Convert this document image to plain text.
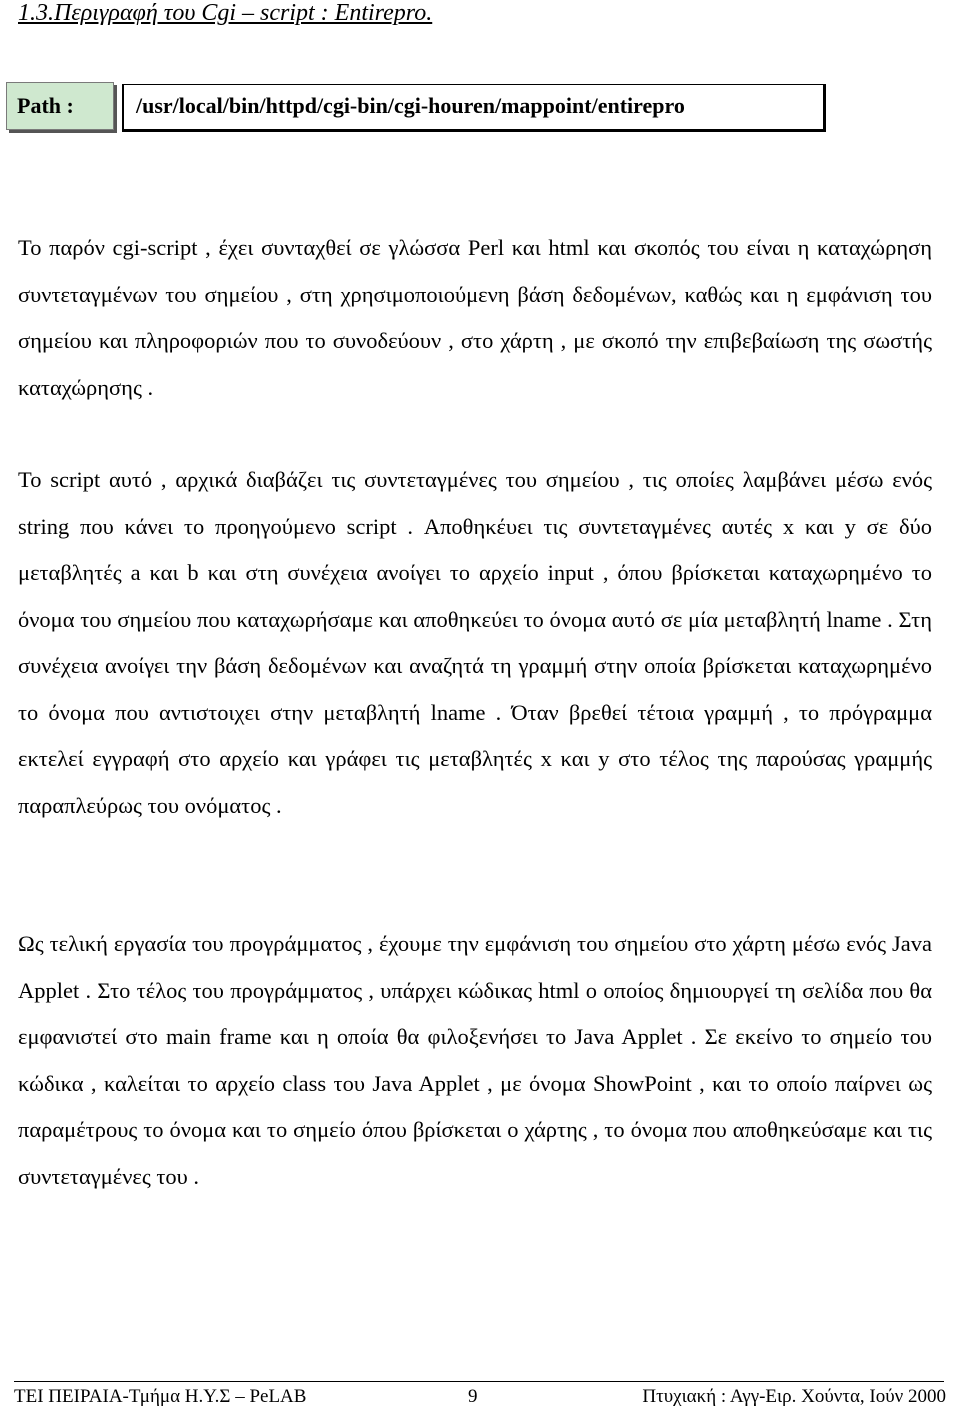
1.3.Περιγραφή του Cgi – script : Entirepro.
Path :	/usr/local/bin/httpd/cgi-bin/cgi-houren/mappoint/entirepro

Το παρόν cgi-script , έχει συνταχθεί σε γλώσσα Perl και html και σκοπός του είναι η καταχώρηση συντεταγμένων του σημείου , στη χρησιμοποιούμενη βάση δεδομένων, καθώς και η εμφάνιση του σημείου και πληροφοριών που το συνοδεύουν , στο χάρτη , με σκοπό την επιβεβαίωση της σωστής καταχώρησης .

Το script αυτό , αρχικά διαβάζει τις συντεταγμένες του σημείου , τις οποίες λαμβάνει μέσω ενός string που κάνει το προηγούμενο script . Αποθηκέυει τις συντεταγμένες αυτές x και y σε δύο μεταβλητές a και b και στη συνέχεια ανοίγει το αρχείο input , όπου βρίσκεται καταχωρημένο το όνομα του σημείου που καταχωρήσαμε και αποθηκεύει το όνομα αυτό σε μία μεταβλητή lname . Στη συνέχεια ανοίγει την βάση δεδομένων και αναζητά τη γραμμή στην οποία βρίσκεται καταχωρημένο το όνομα που αντιστοιχει στην μεταβλητή lname . Όταν βρεθεί τέτοια γραμμή , το πρόγραμμα εκτελεί εγγραφή στο αρχείο και γράφει τις μεταβλητές x και y στο τέλος της παρούσας γραμμής παραπλεύρως του ονόματος .

Ως τελική εργασία του προγράμματος , έχουμε την εμφάνιση του σημείου στο χάρτη μέσω ενός Java Applet . Στο τέλος του προγράμματος , υπάρχει κώδικας html ο οποίος δημιουργεί τη σελίδα που θα εμφανιστεί στο main frame και η οποία θα φιλοξενήσει το Java Applet . Σε εκείνο το σημείο του κώδικα , καλείται το αρχείο class του Java Applet , με όνομα ShowPoint , και το οποίο παίρνει ως παραμέτρους το όνομα και το σημείο όπου βρίσκεται ο χάρτης , το όνομα που αποθηκεύσαμε και τις συντεταγμένες του .

ΤΕΙ ΠΕΙΡΑΙΑ-Τμήμα Η.Υ.Σ – PeLAB	9	Πτυχιακή : Αγγ-Ειρ. Χούντα, Ιούν 2000
